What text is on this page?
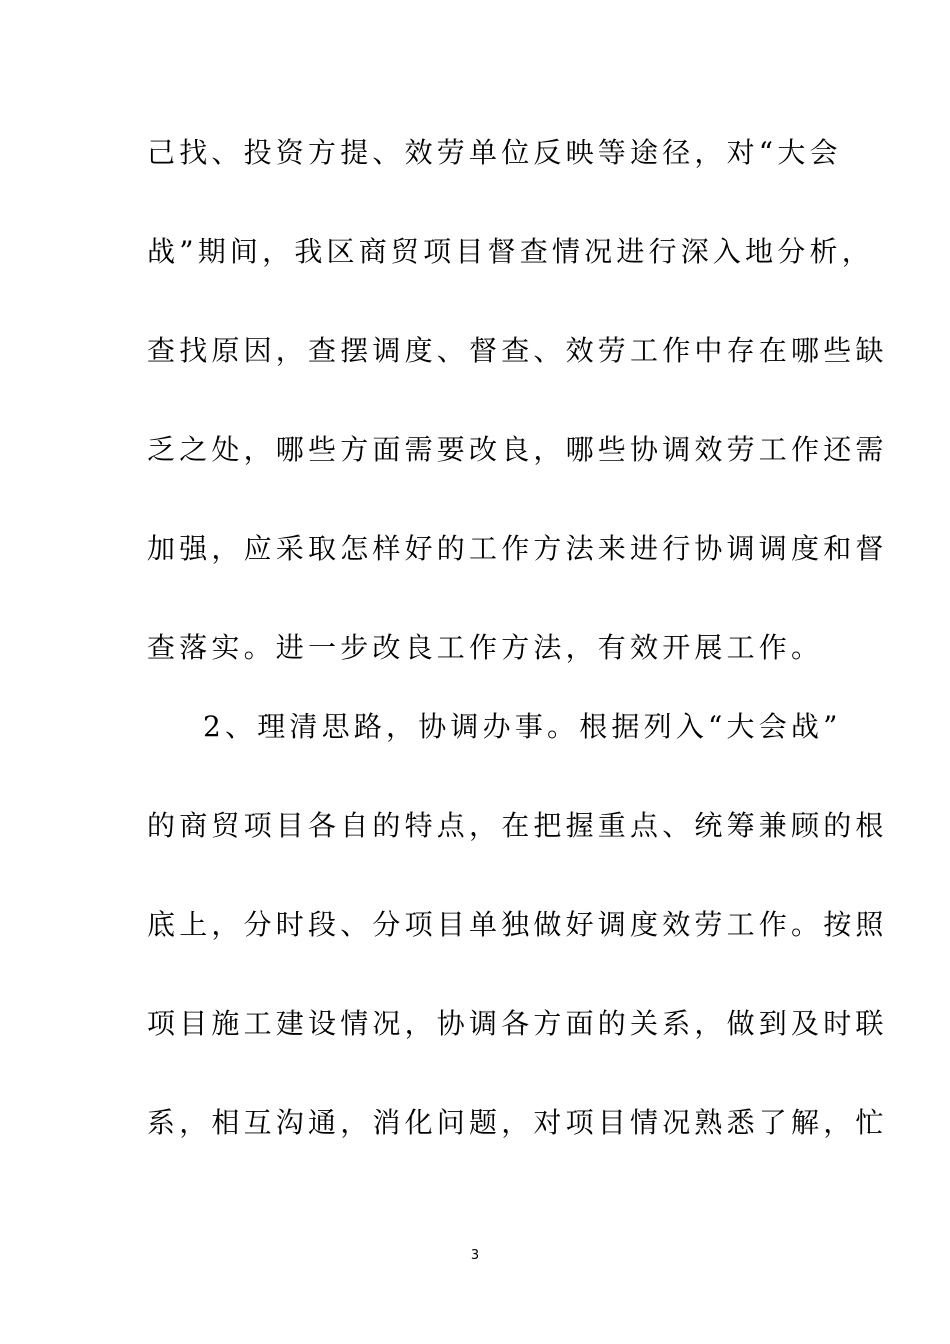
己找、投资方提、效劳单位反映等途径，对“大会
战”期间，我区商贸项目督查情况进行深入地分析，
查找原因，查摆调度、督查、效劳工作中存在哪些缺
乏之处，哪些方面需要改良，哪些协调效劳工作还需
加强，应采取怎样好的工作方法来进行协调调度和督
查落实。进一步改良工作方法，有效开展工作。
2、理清思路，协调办事。根据列入“大会战”
的商贸项目各自的特点，在把握重点、统筹兼顾的根
底上，分时段、分项目单独做好调度效劳工作。按照
项目施工建设情况，协调各方面的关系，做到及时联
系，相互沟通，消化问题，对项目情况熟悉了解，忙
3
